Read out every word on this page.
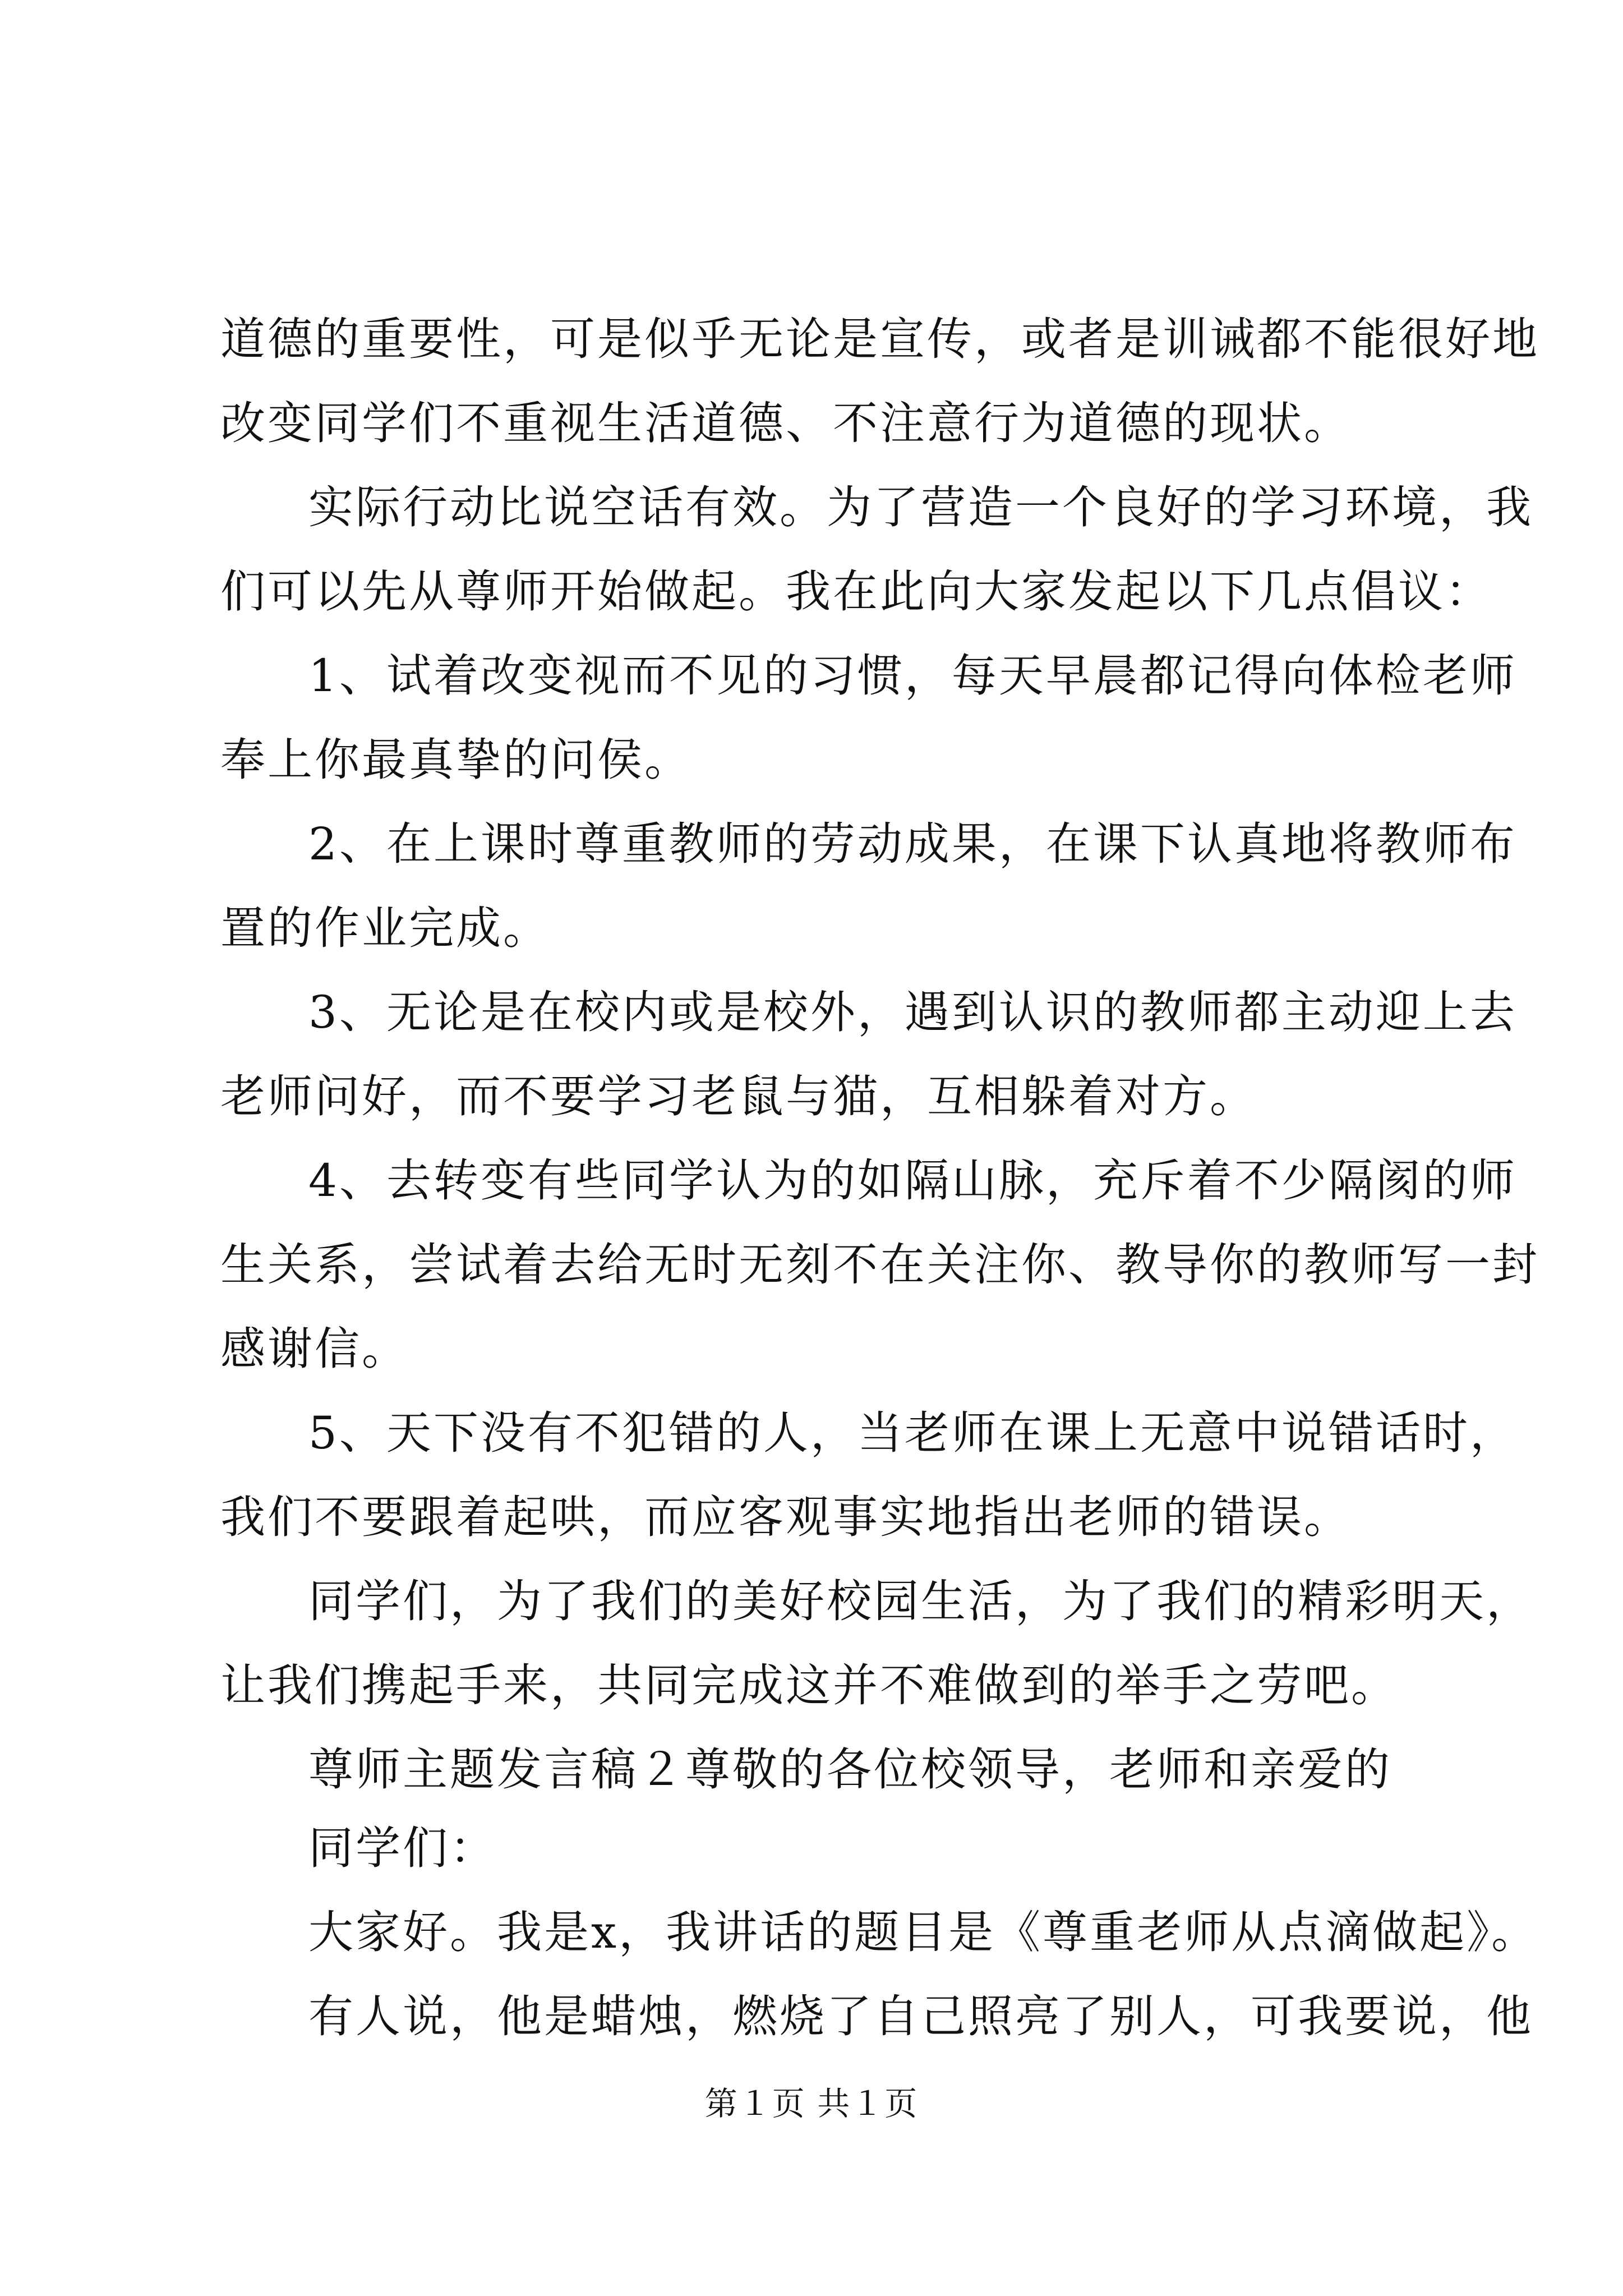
道德的重要性，可是似乎无论是宣传，或者是训诫都不能很好地
改变同学们不重视生活道德、不注意行为道德的现状。
实际行动比说空话有效。为了营造一个良好的学习环境，我
们可以先从尊师开始做起。我在此向大家发起以下几点倡议：
1、试着改变视而不见的习惯，每天早晨都记得向体检老师
奉上你最真挚的问侯。
2、在上课时尊重教师的劳动成果，在课下认真地将教师布
置的作业完成。
3、无论是在校内或是校外，遇到认识的教师都主动迎上去
老师问好，而不要学习老鼠与猫，互相躲着对方。
4、去转变有些同学认为的如隔山脉，充斥着不少隔阂的师
生关系，尝试着去给无时无刻不在关注你、教导你的教师写一封
感谢信。
5、天下没有不犯错的人，当老师在课上无意中说错话时，
我们不要跟着起哄，而应客观事实地指出老师的错误。
同学们，为了我们的美好校园生活，为了我们的精彩明天，
让我们携起手来，共同完成这并不难做到的举手之劳吧。
尊师主题发言稿２尊敬的各位校领导，老师和亲爱的
同学们：
大家好。我是x，我讲话的题目是《尊重老师从点滴做起》。
有人说，他是蜡烛，燃烧了自己照亮了别人，可我要说，他
第１页 共１页
